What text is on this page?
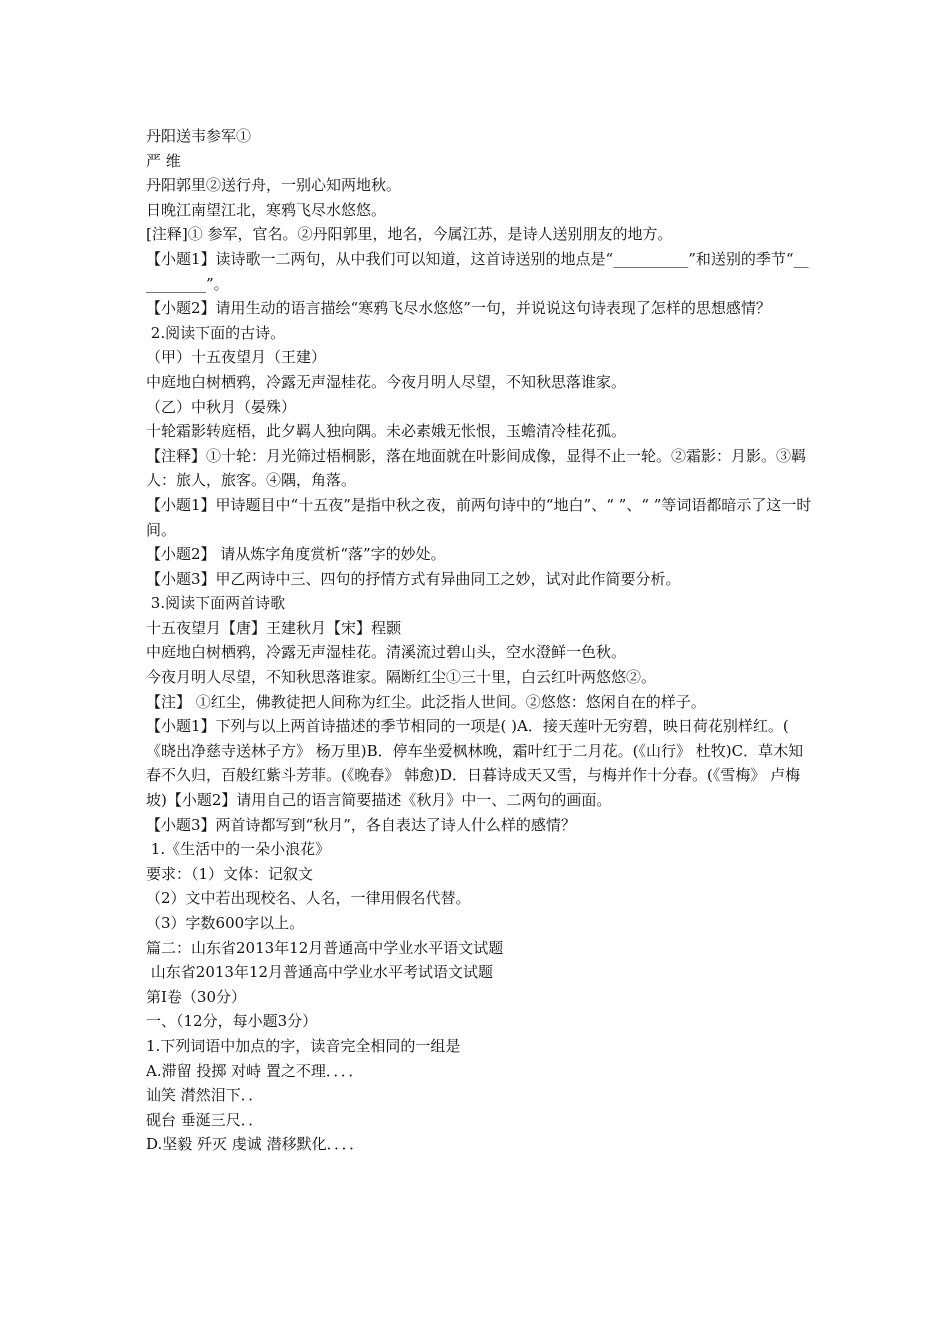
丹阳送韦参军①

严 维

丹阳郭里②送行舟，一别心知两地秋。

日晚江南望江北，寒鸦飞尽水悠悠。

[注释]① 参军，官名。②丹阳郭里，地名，今属江苏，是诗人送别朋友的地方。

【小题1】读诗歌一二两句，从中我们可以知道，这首诗送别的地点是“__________”和送别的季节“__________”。

【小题2】请用生动的语言描绘“寒鸦飞尽水悠悠”一句，并说说这句诗表现了怎样的思想感情？

2.阅读下面的古诗。

（甲）十五夜望月（王建）

中庭地白树栖鸦，冷露无声湿桂花。今夜月明人尽望，不知秋思落谁家。

（乙）中秋月（晏殊）

十轮霜影转庭梧，此夕羁人独向隅。未必素娥无怅恨，玉蟾清冷桂花孤。

【注释】①十轮：月光筛过梧桐影，落在地面就在叶影间成像，显得不止一轮。②霜影：月影。③羁人：旅人，旅客。④隅，角落。

【小题1】甲诗题目中“十五夜”是指中秋之夜，前两句诗中的“地白”、“ ”、“ ”等词语都暗示了这一时间。

【小题2】 请从炼字角度赏析“落”字的妙处。

【小题3】甲乙两诗中三、四句的抒情方式有异曲同工之妙，试对此作简要分析。

3.阅读下面两首诗歌

十五夜望月【唐】王建秋月【宋】程颢

中庭地白树栖鸦，冷露无声湿桂花。清溪流过碧山头，空水澄鲜一色秋。

今夜月明人尽望，不知秋思落谁家。隔断红尘①三十里，白云红叶两悠悠②。

【注】 ①红尘，佛教徒把人间称为红尘。此泛指人世间。②悠悠：悠闲自在的样子。

【小题1】下列与以上两首诗描述的季节相同的一项是( )A．接天莲叶无穷碧，映日荷花别样红。( 《晓出净慈寺送林子方》 杨万里)B．停车坐爱枫林晚，霜叶红于二月花。(《山行》 杜牧)C．草木知春不久归，百般红紫斗芳菲。(《晚春》 韩愈)D．日暮诗成天又雪，与梅并作十分春。(《雪梅》 卢梅坡)【小题2】请用自己的语言简要描述《秋月》中一、二两句的画面。

【小题3】两首诗都写到“秋月”，各自表达了诗人什么样的感情？

1.《生活中的一朵小浪花》

要求：（1）文体：记叙文

（2）文中若出现校名、人名，一律用假名代替。

（3）字数600字以上。

篇二：山东省2013年12月普通高中学业水平语文试题

山东省2013年12月普通高中学业水平考试语文试题

第Ⅰ卷（30分）

一、（12分，每小题3分）

1.下列词语中加点的字，读音完全相同的一组是

A.滞留 投掷 对峙 置之不理．．．．

讪笑 潸然泪下．．

砚台 垂涎三尺．．

D.坚毅 歼灭 虔诚 潜移默化．．．．
